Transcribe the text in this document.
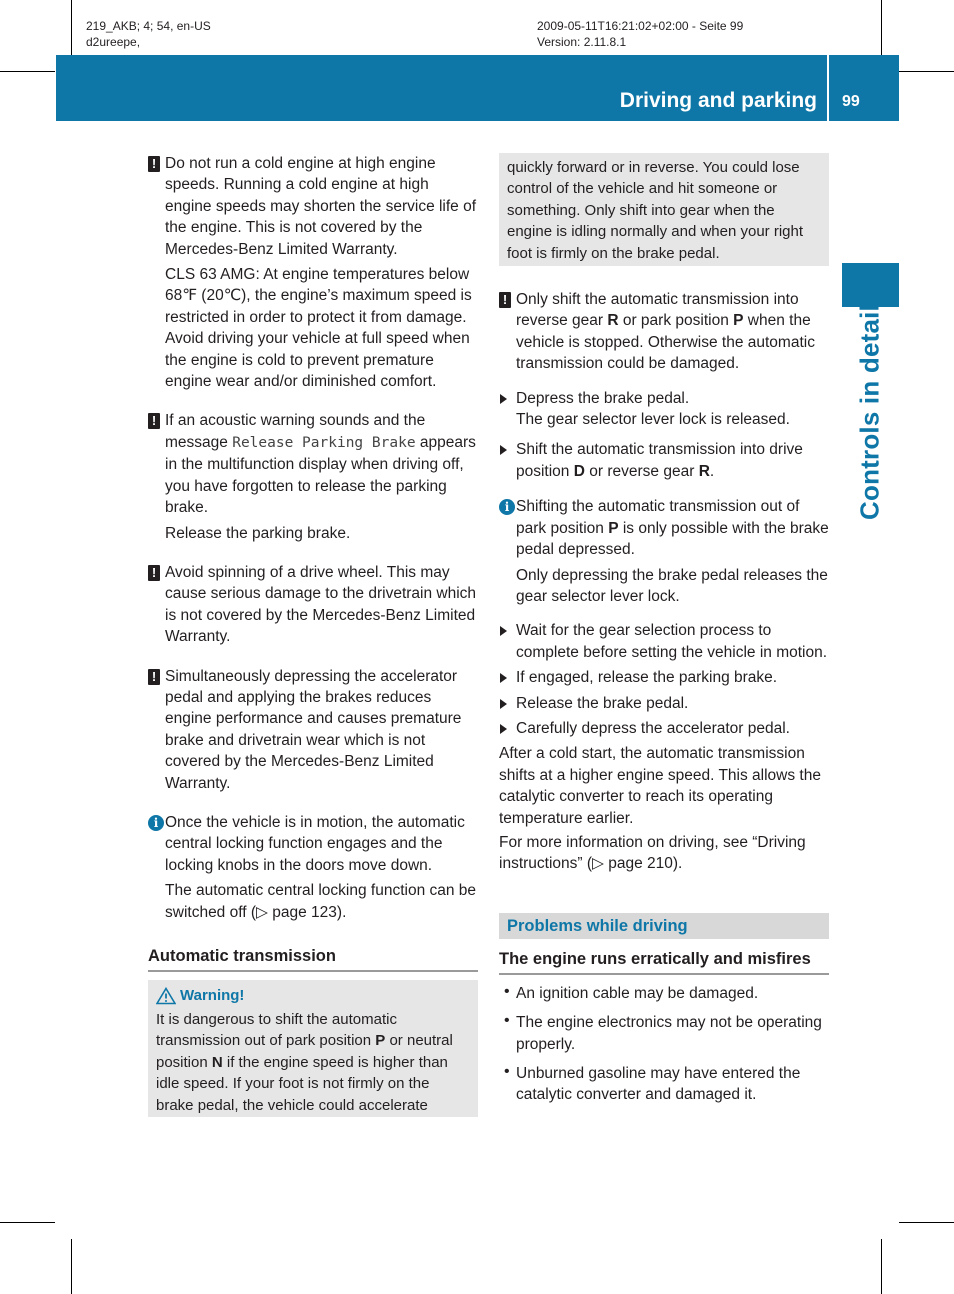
219_AKB; 4; 54, en-US
d2ureepe,
2009-05-11T16:21:02+02:00 - Seite 99
Version: 2.11.8.1
Driving and parking 99
Controls in detail
! Do not run a cold engine at high engine speeds. Running a cold engine at high engine speeds may shorten the service life of the engine. This is not covered by the Mercedes-Benz Limited Warranty.

CLS 63 AMG: At engine temperatures below 68℉ (20℃), the engine’s maximum speed is restricted in order to protect it from damage. Avoid driving your vehicle at full speed when the engine is cold to prevent premature engine wear and/or diminished comfort.

! If an acoustic warning sounds and the message Release Parking Brake appears in the multifunction display when driving off, you have forgotten to release the parking brake.

Release the parking brake.

! Avoid spinning of a drive wheel. This may cause serious damage to the drivetrain which is not covered by the Mercedes-Benz Limited Warranty.

! Simultaneously depressing the accelerator pedal and applying the brakes reduces engine performance and causes premature brake and drivetrain wear which is not covered by the Mercedes-Benz Limited Warranty.

i Once the vehicle is in motion, the automatic central locking function engages and the locking knobs in the doors move down.

The automatic central locking function can be switched off (▷ page 123).

Automatic transmission
Warning!

It is dangerous to shift the automatic transmission out of park position P or neutral position N if the engine speed is higher than idle speed. If your foot is not firmly on the brake pedal, the vehicle could accelerate

quickly forward or in reverse. You could lose control of the vehicle and hit someone or something. Only shift into gear when the engine is idling normally and when your right foot is firmly on the brake pedal.

! Only shift the automatic transmission into reverse gear R or park position P when the vehicle is stopped. Otherwise the automatic transmission could be damaged.

Depress the brake pedal.

The gear selector lever lock is released.

Shift the automatic transmission into drive position D or reverse gear R.

i Shifting the automatic transmission out of park position P is only possible with the brake pedal depressed.

Only depressing the brake pedal releases the gear selector lever lock.

Wait for the gear selection process to complete before setting the vehicle in motion.

If engaged, release the parking brake.

Release the brake pedal.

Carefully depress the accelerator pedal.

After a cold start, the automatic transmission shifts at a higher engine speed. This allows the catalytic converter to reach its operating temperature earlier.

For more information on driving, see “Driving instructions” (▷ page 210).

Problems while driving
The engine runs erratically and misfires
• An ignition cable may be damaged.

• The engine electronics may not be operating properly.

• Unburned gasoline may have entered the catalytic converter and damaged it.
